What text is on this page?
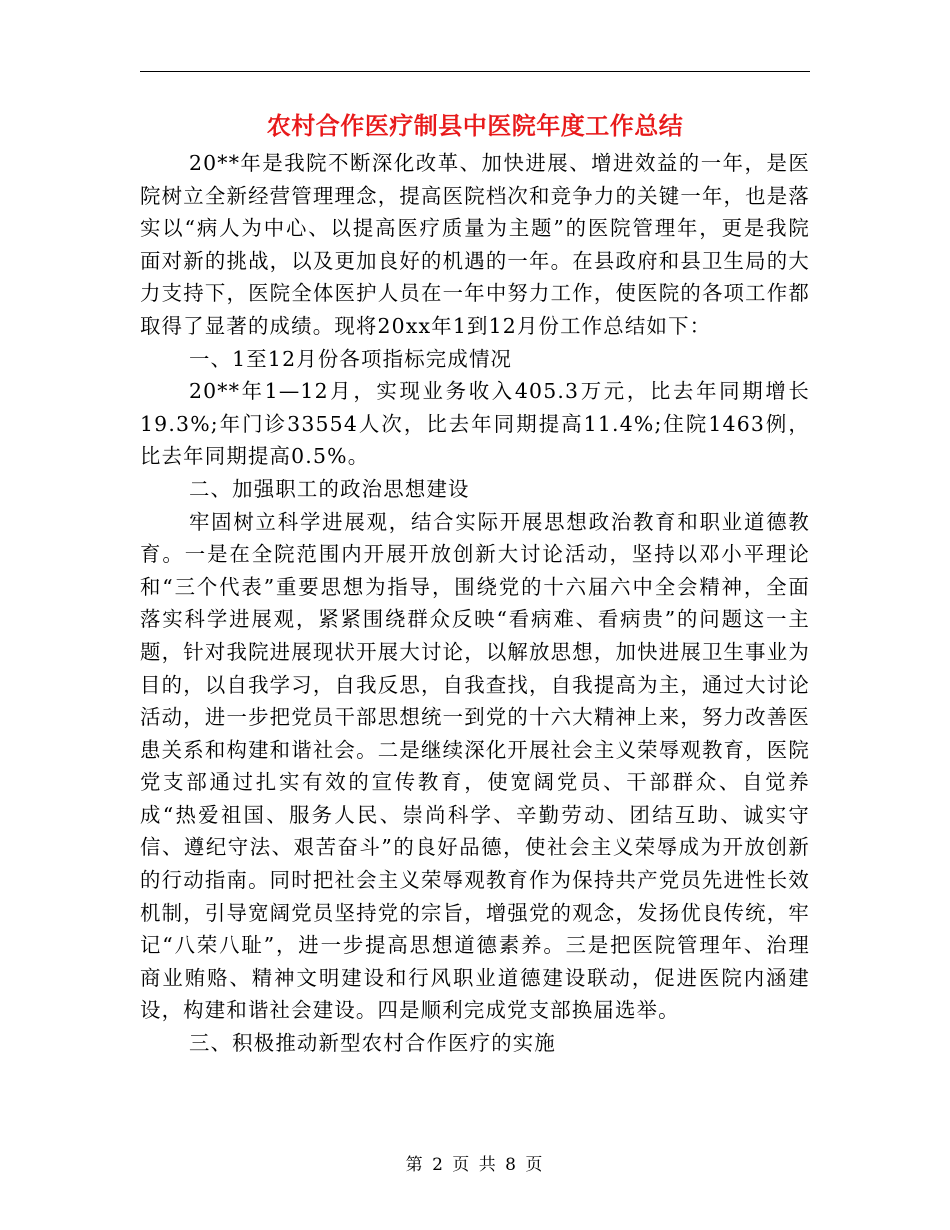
农村合作医疗制县中医院年度工作总结

20**年是我院不断深化改革、加快进展、增进效益的一年，是医院树立全新经营管理理念，提高医院档次和竞争力的关键一年，也是落实以“病人为中心、以提高医疗质量为主题”的医院管理年，更是我院面对新的挑战，以及更加良好的机遇的一年。在县政府和县卫生局的大力支持下，医院全体医护人员在一年中努力工作，使医院的各项工作都取得了显著的成绩。现将20xx年1到12月份工作总结如下：

一、1至12月份各项指标完成情况

20**年1—12月，实现业务收入405.3万元，比去年同期增长19.3%;年门诊33554人次，比去年同期提高11.4%;住院1463例，比去年同期提高0.5%。

二、加强职工的政治思想建设

牢固树立科学进展观，结合实际开展思想政治教育和职业道德教育。一是在全院范围内开展开放创新大讨论活动，坚持以邓小平理论和“三个代表”重要思想为指导，围绕党的十六届六中全会精神，全面落实科学进展观，紧紧围绕群众反映“看病难、看病贵”的问题这一主题，针对我院进展现状开展大讨论，以解放思想，加快进展卫生事业为目的，以自我学习，自我反思，自我查找，自我提高为主，通过大讨论活动，进一步把党员干部思想统一到党的十六大精神上来，努力改善医患关系和构建和谐社会。二是继续深化开展社会主义荣辱观教育，医院党支部通过扎实有效的宣传教育，使宽阔党员、干部群众、自觉养成“热爱祖国、服务人民、崇尚科学、辛勤劳动、团结互助、诚实守信、遵纪守法、艰苦奋斗”的良好品德，使社会主义荣辱成为开放创新的行动指南。同时把社会主义荣辱观教育作为保持共产党员先进性长效机制，引导宽阔党员坚持党的宗旨，增强党的观念，发扬优良传统，牢记“八荣八耻”，进一步提高思想道德素养。三是把医院管理年、治理商业贿赂、精神文明建设和行风职业道德建设联动，促进医院内涵建设，构建和谐社会建设。四是顺利完成党支部换届选举。

三、积极推动新型农村合作医疗的实施

第 2 页 共 8 页
